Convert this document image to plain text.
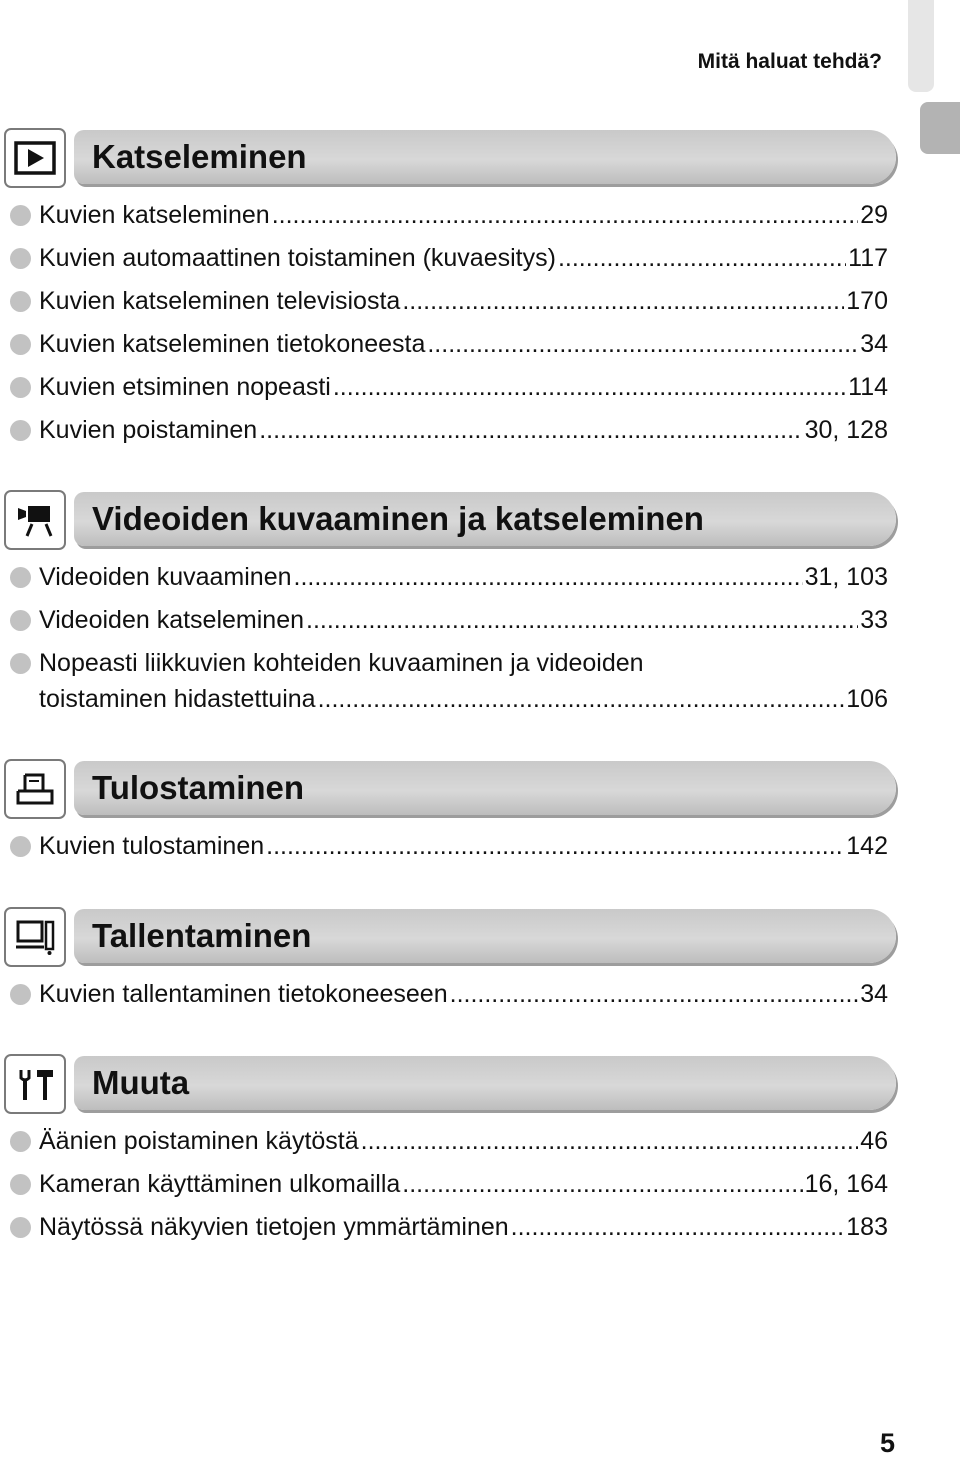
Mitä haluat tehdä?
Katseleminen
Kuvien katseleminen .....	29
Kuvien automaattinen toistaminen (kuvaesitys) .....	117
Kuvien katseleminen televisiosta .....	170
Kuvien katseleminen tietokoneesta .....	34
Kuvien etsiminen nopeasti .....	114
Kuvien poistaminen .....	30, 128
Videoiden kuvaaminen ja katseleminen
Videoiden kuvaaminen .....	31, 103
Videoiden katseleminen .....	33
Nopeasti liikkuvien kohteiden kuvaaminen ja videoiden
toistaminen hidastettuina .....	106
Tulostaminen
Kuvien tulostaminen .....	142
Tallentaminen
Kuvien tallentaminen tietokoneeseen .....	34
Muuta
Äänien poistaminen käytöstä .....	46
Kameran käyttäminen ulkomailla .....	16, 164
Näytössä näkyvien tietojen ymmärtäminen .....	183
5
